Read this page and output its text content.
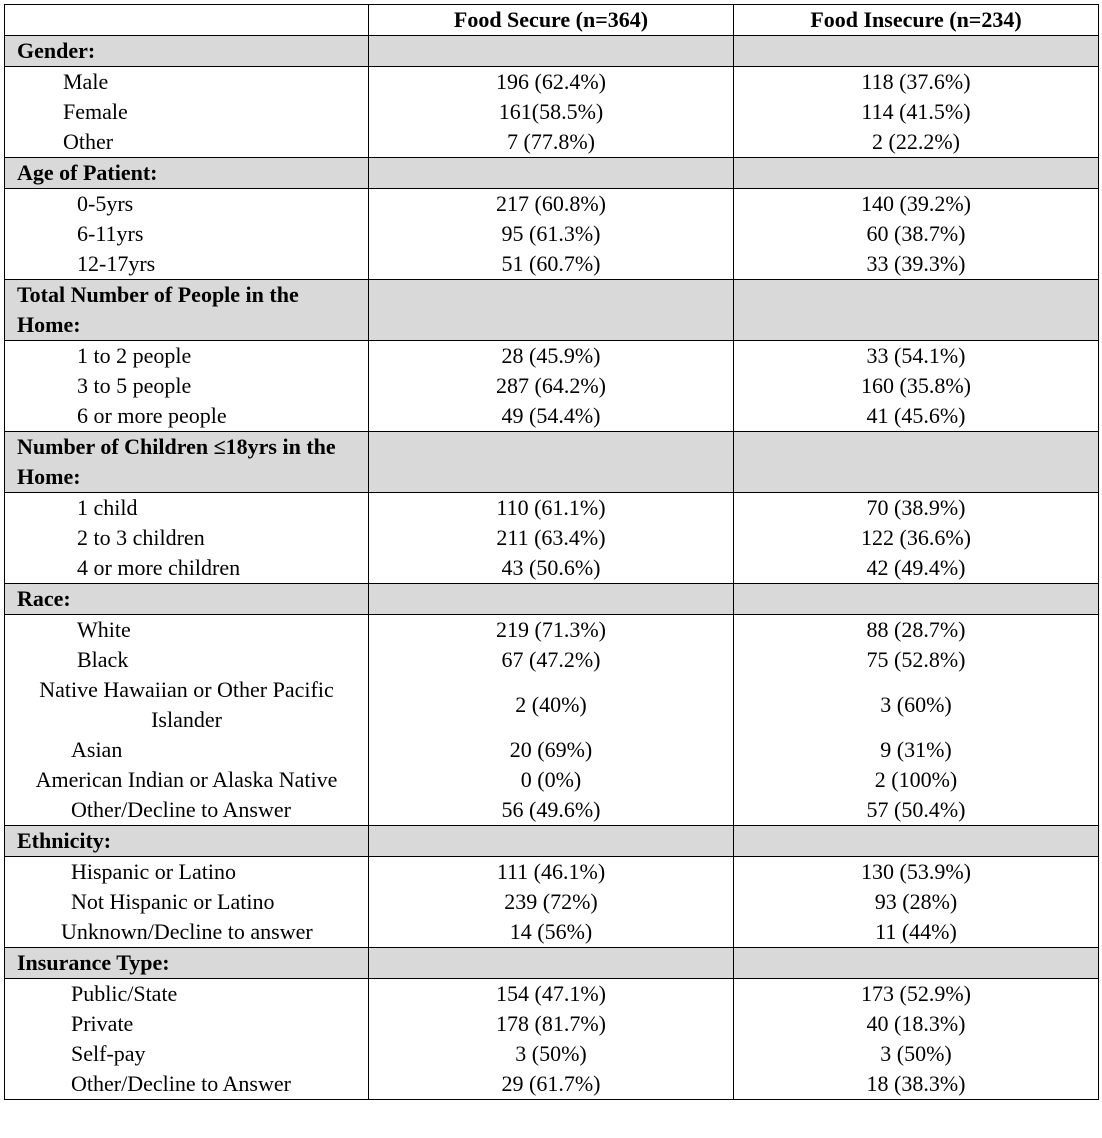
	Food Secure (n=364)	Food Insecure (n=234)
Gender:		
Male	196 (62.4%)	118 (37.6%)
Female	161(58.5%)	114 (41.5%)
Other	7 (77.8%)	2 (22.2%)
Age of Patient:		
0-5yrs	217 (60.8%)	140 (39.2%)
6-11yrs	95 (61.3%)	60 (38.7%)
12-17yrs	51 (60.7%)	33 (39.3%)
Total Number of People in the Home:		
1 to 2 people	28 (45.9%)	33 (54.1%)
3 to 5 people	287 (64.2%)	160 (35.8%)
6 or more people	49 (54.4%)	41 (45.6%)
Number of Children ≤18yrs in the Home:		
1 child	110 (61.1%)	70 (38.9%)
2 to 3 children	211 (63.4%)	122 (36.6%)
4 or more children	43 (50.6%)	42 (49.4%)
Race:		
White	219 (71.3%)	88 (28.7%)
Black	67 (47.2%)	75 (52.8%)
Native Hawaiian or Other Pacific Islander	2 (40%)	3 (60%)
Asian	20 (69%)	9 (31%)
American Indian or Alaska Native	0 (0%)	2 (100%)
Other/Decline to Answer	56 (49.6%)	57 (50.4%)
Ethnicity:		
Hispanic or Latino	111 (46.1%)	130 (53.9%)
Not Hispanic or Latino	239 (72%)	93 (28%)
Unknown/Decline to answer	14 (56%)	11 (44%)
Insurance Type:		
Public/State	154 (47.1%)	173 (52.9%)
Private	178 (81.7%)	40 (18.3%)
Self-pay	3 (50%)	3 (50%)
Other/Decline to Answer	29 (61.7%)	18 (38.3%)
